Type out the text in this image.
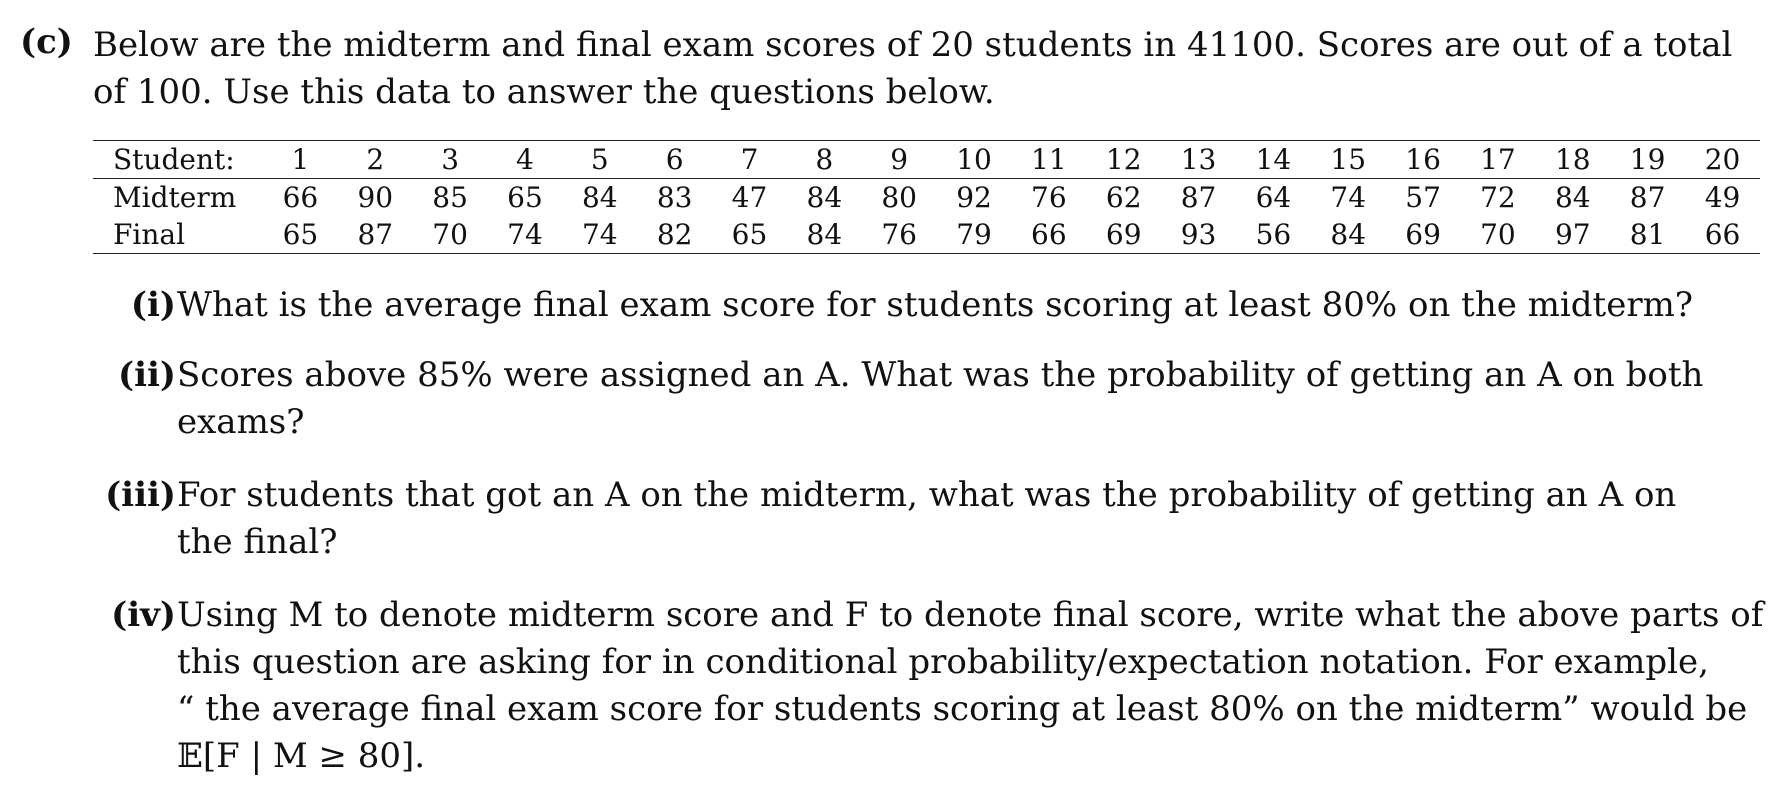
(c) Below are the midterm and final exam scores of 20 students in 41100. Scores are out of a total
of 100. Use this data to answer the questions below.
Student:	1	2	3	4	5	6	7	8	9	10	11	12	13	14	15	16	17	18	19	20
Midterm	66	90	85	65	84	83	47	84	80	92	76	62	87	64	74	57	72	84	87	49
Final	65	87	70	74	74	82	65	84	76	79	66	69	93	56	84	69	70	97	81	66
(i) What is the average final exam score for students scoring at least 80% on the midterm?
(ii) Scores above 85% were assigned an A. What was the probability of getting an A on both
exams?
(iii) For students that got an A on the midterm, what was the probability of getting an A on
the final?
(iv) Using M to denote midterm score and F to denote final score, write what the above parts of
this question are asking for in conditional probability/expectation notation. For example,
“ the average final exam score for students scoring at least 80% on the midterm” would be
𝔼[F | M ≥ 80].
